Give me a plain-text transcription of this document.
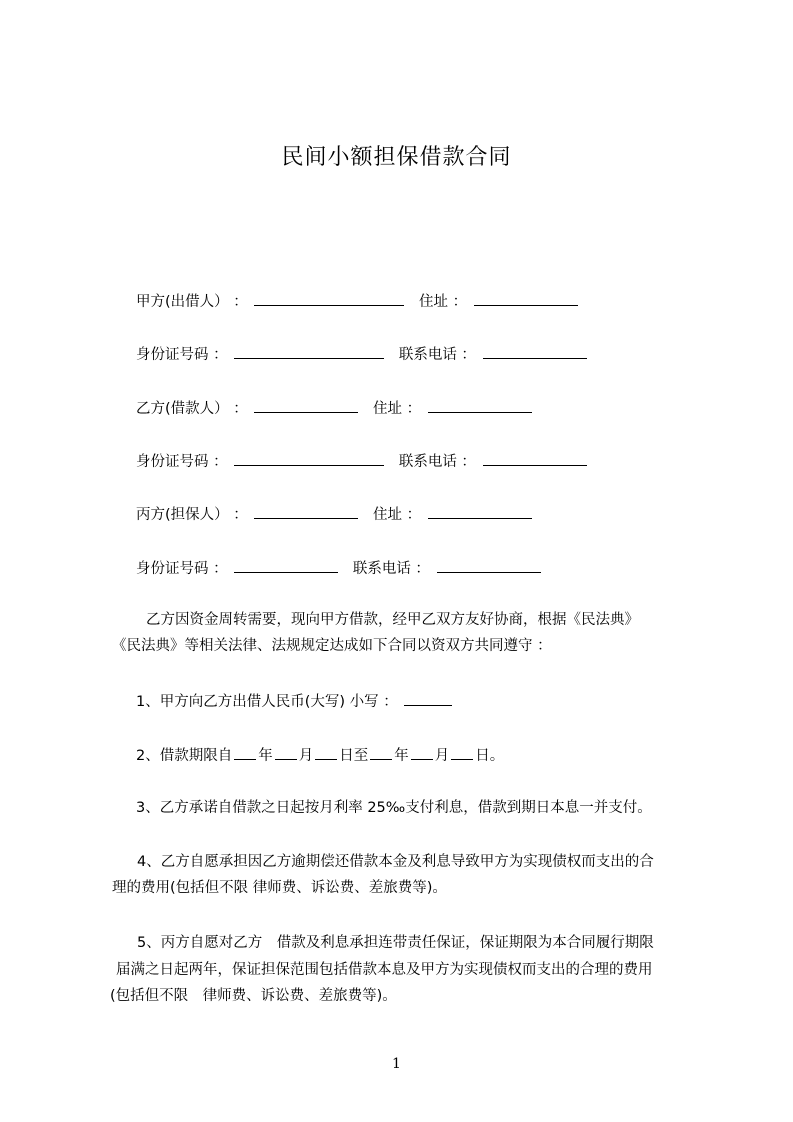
民间小额担保借款合同
甲方(出借人） ：	住址 ：
身份证号码 ：	联系电话 ：
乙方(借款人） ：	住址 ：
身份证号码 ：	联系电话 ：
丙方(担保人） ：	住址 ：
身份证号码 ：	联系电话 ：
乙方因资金周转需要，现向甲方借款，经甲乙双方友好协商，根据《民法典》
《民法典》等相关法律、法规规定达成如下合同以资双方共同遵守 ：
1、甲方向乙方出借人民币(大写) 小写 ：
2、借款期限自 年 月 日至 年 月 日。
3、乙方承诺自借款之日起按月利率 25‰支付利息，借款到期日本息一并支付。
4、乙方自愿承担因乙方逾期偿还借款本金及利息导致甲方为实现债权而支出的合
理的费用(包括但不限 律师费、诉讼费、差旅费等)。
5、丙方自愿对乙方　借款及利息承担连带责任保证，保证期限为本合同履行期限
届满之日起两年，保证担保范围包括借款本息及甲方为实现债权而支出的合理的费用
(包括但不限　律师费、诉讼费、差旅费等)。
1
